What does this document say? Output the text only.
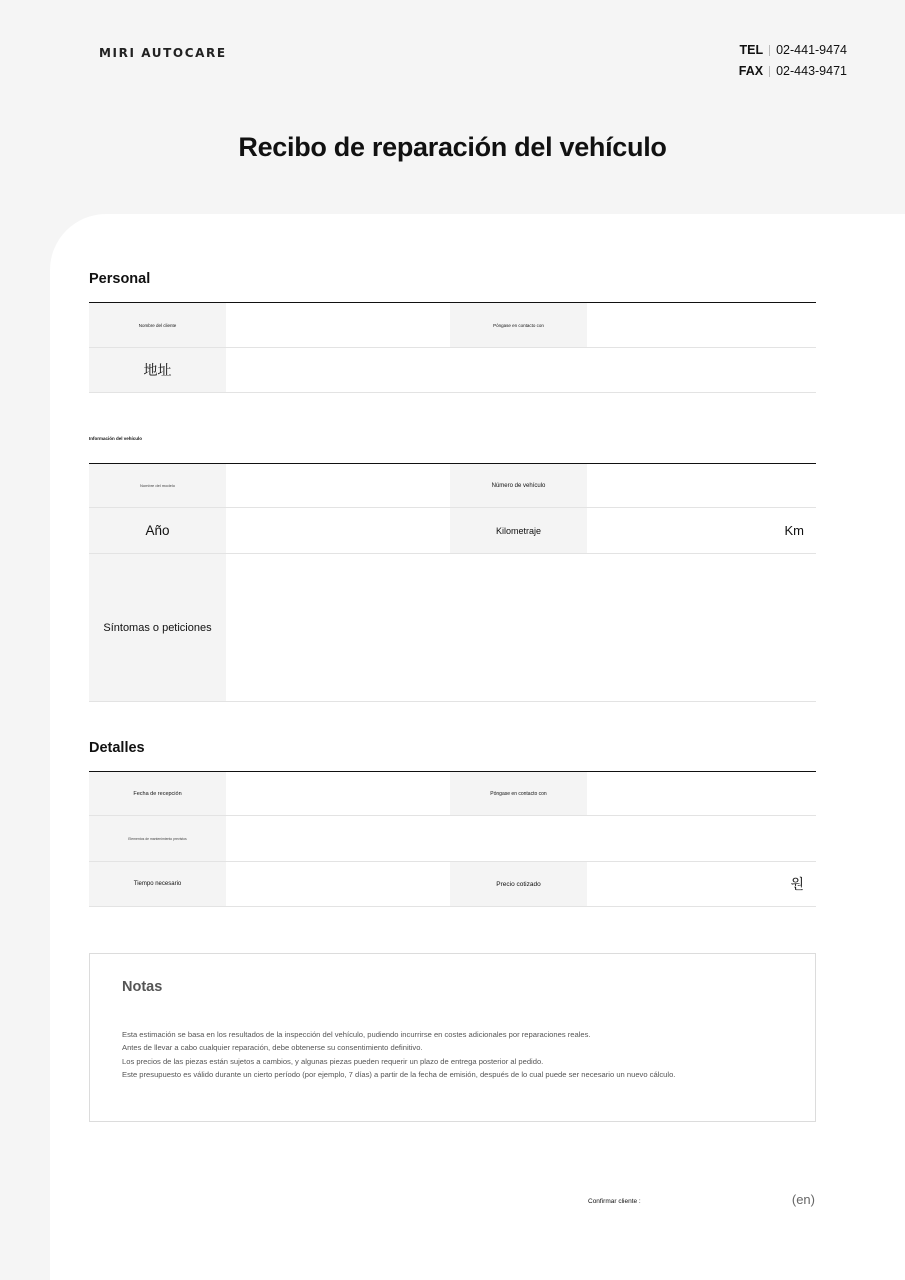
MIRI AUTOCARE	TEL 02-441-9474
FAX 02-443-9471
Recibo de reparación del vehículo
Personal
Nombre del cliente	Póngase en contacto con
地址
Información del vehículo
Nombre del modelo	Número de vehículo
Año	Kilometraje	Km
Síntomas o peticiones
Detalles
Fecha de recepción	Póngase en contacto con
Elementos de mantenimiento previstos
Tiempo necesario	Precio cotizado	원
Notas
Esta estimación se basa en los resultados de la inspección del vehículo, pudiendo incurrirse en costes adicionales por reparaciones reales.
Antes de llevar a cabo cualquier reparación, debe obtenerse su consentimiento definitivo.
Los precios de las piezas están sujetos a cambios, y algunas piezas pueden requerir un plazo de entrega posterior al pedido.
Este presupuesto es válido durante un cierto período (por ejemplo, 7 días) a partir de la fecha de emisión, después de lo cual puede ser necesario un nuevo cálculo.
Confirmar cliente :	(en)
